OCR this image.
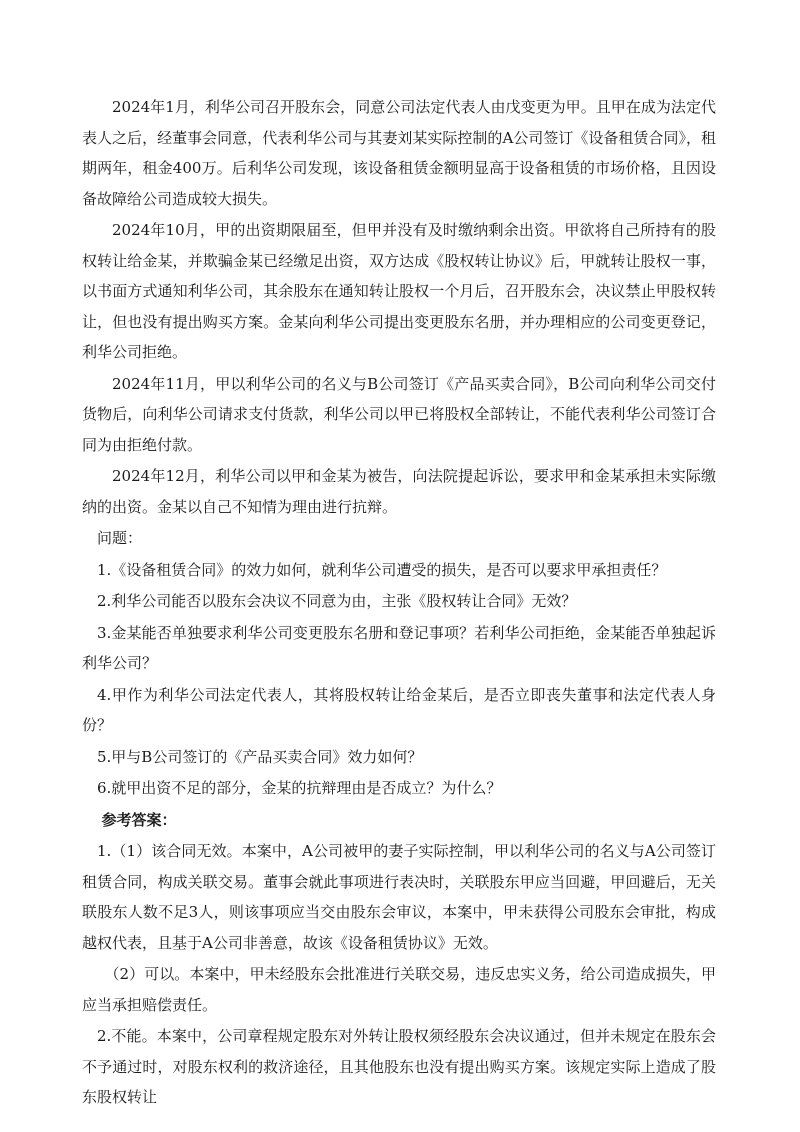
2024年1月，利华公司召开股东会，同意公司法定代表人由戊变更为甲。且甲在成为法定代表人之后，经董事会同意，代表利华公司与其妻刘某实际控制的A公司签订《设备租赁合同》，租期两年，租金400万。后利华公司发现，该设备租赁金额明显高于设备租赁的市场价格，且因设备故障给公司造成较大损失。

2024年10月，甲的出资期限届至，但甲并没有及时缴纳剩余出资。甲欲将自己所持有的股权转让给金某，并欺骗金某已经缴足出资，双方达成《股权转让协议》后，甲就转让股权一事，以书面方式通知利华公司，其余股东在通知转让股权一个月后，召开股东会，决议禁止甲股权转让，但也没有提出购买方案。金某向利华公司提出变更股东名册，并办理相应的公司变更登记，利华公司拒绝。

2024年11月，甲以利华公司的名义与B公司签订《产品买卖合同》，B公司向利华公司交付货物后，向利华公司请求支付货款，利华公司以甲已将股权全部转让，不能代表利华公司签订合同为由拒绝付款。

2024年12月，利华公司以甲和金某为被告，向法院提起诉讼，要求甲和金某承担未实际缴纳的出资。金某以自己不知情为理由进行抗辩。

问题：

1.《设备租赁合同》的效力如何，就利华公司遭受的损失，是否可以要求甲承担责任？

2.利华公司能否以股东会决议不同意为由，主张《股权转让合同》无效？

3.金某能否单独要求利华公司变更股东名册和登记事项？若利华公司拒绝，金某能否单独起诉利华公司？

4.甲作为利华公司法定代表人，其将股权转让给金某后，是否立即丧失董事和法定代表人身份？

5.甲与B公司签订的《产品买卖合同》效力如何？

6.就甲出资不足的部分，金某的抗辩理由是否成立？为什么？

参考答案：

1.（1）该合同无效。本案中，A公司被甲的妻子实际控制，甲以利华公司的名义与A公司签订租赁合同，构成关联交易。董事会就此事项进行表决时，关联股东甲应当回避，甲回避后，无关联股东人数不足3人，则该事项应当交由股东会审议，本案中，甲未获得公司股东会审批，构成越权代表，且基于A公司非善意，故该《设备租赁协议》无效。

（2）可以。本案中，甲未经股东会批准进行关联交易，违反忠实义务，给公司造成损失，甲应当承担赔偿责任。

2.不能。本案中，公司章程规定股东对外转让股权须经股东会决议通过，但并未规定在股东会不予通过时，对股东权利的救济途径，且其他股东也没有提出购买方案。该规定实际上造成了股东股权转让
